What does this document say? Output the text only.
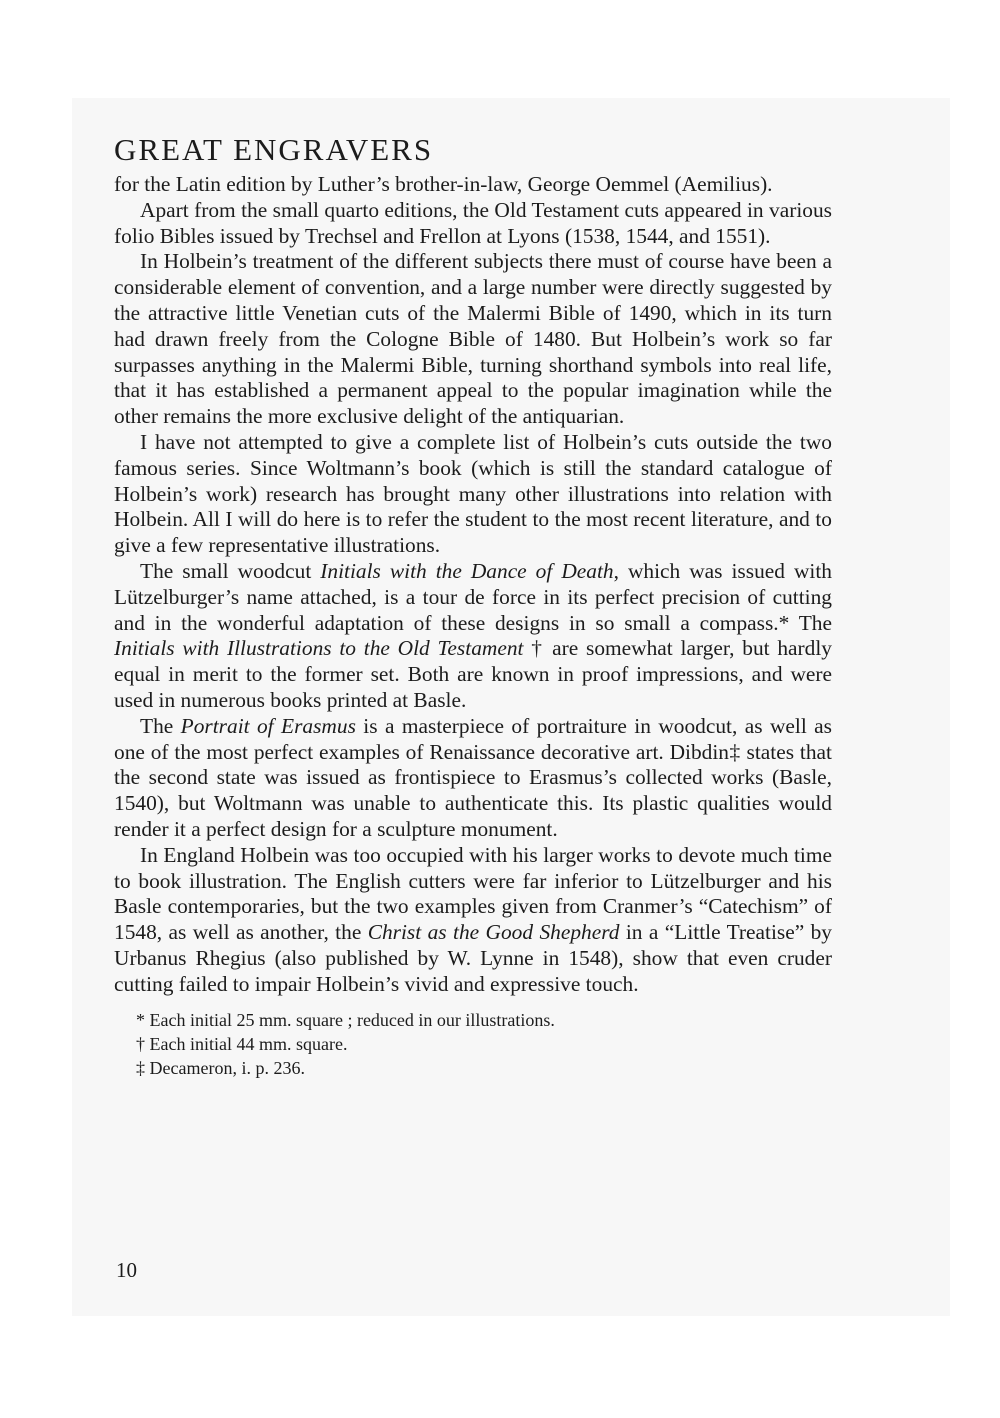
GREAT ENGRAVERS

for the Latin edition by Luther’s brother-in-law, George Oemmel (Aemilius).

Apart from the small quarto editions, the Old Testament cuts appeared in various folio Bibles issued by Trechsel and Frellon at Lyons (1538, 1544, and 1551).

In Holbein’s treatment of the different subjects there must of course have been a considerable element of convention, and a large number were directly suggested by the attractive little Venetian cuts of the Malermi Bible of 1490, which in its turn had drawn freely from the Cologne Bible of 1480. But Holbein’s work so far surpasses anything in the Malermi Bible, turning shorthand symbols into real life, that it has established a permanent appeal to the popular imagination while the other remains the more exclusive delight of the antiquarian.

I have not attempted to give a complete list of Holbein’s cuts outside the two famous series. Since Woltmann’s book (which is still the standard catalogue of Holbein’s work) research has brought many other illustrations into relation with Holbein. All I will do here is to refer the student to the most recent literature, and to give a few representative illustrations.

The small woodcut Initials with the Dance of Death, which was issued with Lützelburger’s name attached, is a tour de force in its perfect precision of cutting and in the wonderful adaptation of these designs in so small a compass.* The Initials with Illustrations to the Old Testament † are somewhat larger, but hardly equal in merit to the former set. Both are known in proof impressions, and were used in numerous books printed at Basle.

The Portrait of Erasmus is a masterpiece of portraiture in woodcut, as well as one of the most perfect examples of Renaissance decorative art. Dibdin‡ states that the second state was issued as frontispiece to Erasmus’s collected works (Basle, 1540), but Woltmann was unable to authenticate this. Its plastic qualities would render it a perfect design for a sculpture monument.

In England Holbein was too occupied with his larger works to devote much time to book illustration. The English cutters were far inferior to Lützelburger and his Basle contemporaries, but the two examples given from Cranmer’s “Catechism” of 1548, as well as another, the Christ as the Good Shepherd in a “Little Treatise” by Urbanus Rhegius (also published by W. Lynne in 1548), show that even cruder cutting failed to impair Holbein’s vivid and expressive touch.

* Each initial 25 mm. square ; reduced in our illustrations.

† Each initial 44 mm. square.

‡ Decameron, i. p. 236.

10
